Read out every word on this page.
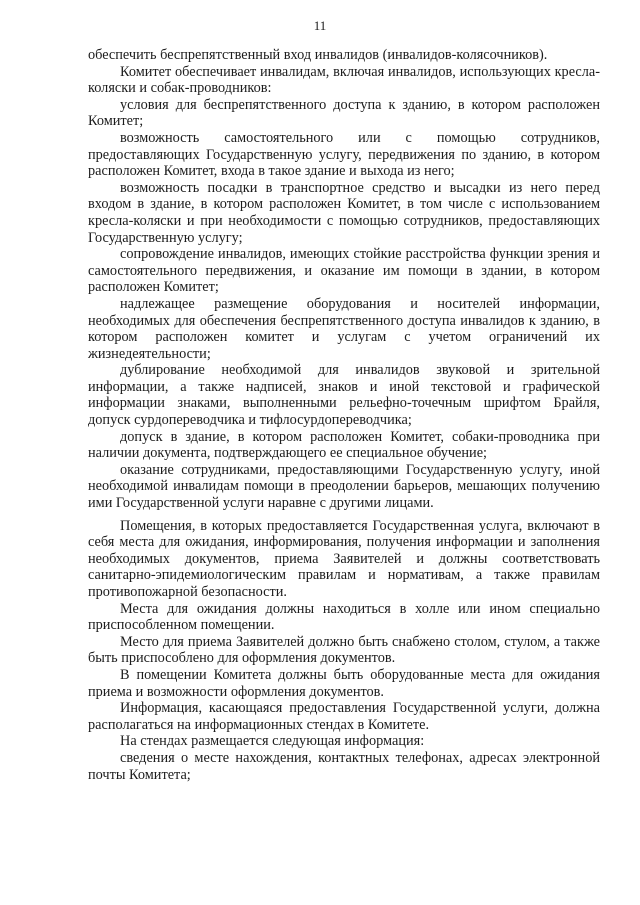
11

обеспечить беспрепятственный вход инвалидов (инвалидов-колясочников).

Комитет обеспечивает инвалидам, включая инвалидов, использующих кресла-коляски и собак-проводников:

условия для беспрепятственного доступа к зданию, в котором расположен Комитет;

возможность самостоятельного или с помощью сотрудников, предоставляющих Государственную услугу, передвижения по зданию, в котором расположен Комитет, входа в такое здание и выхода из него;

возможность посадки в транспортное средство и высадки из него перед входом в здание, в котором расположен Комитет, в том числе с использованием кресла-коляски и при необходимости с помощью сотрудников, предоставляющих Государственную услугу;

сопровождение инвалидов, имеющих стойкие расстройства функции зрения и самостоятельного передвижения, и оказание им помощи в здании, в котором расположен Комитет;

надлежащее размещение оборудования и носителей информации, необходимых для обеспечения беспрепятственного доступа инвалидов к зданию, в котором расположен комитет и услугам с учетом ограничений их жизнедеятельности;

дублирование необходимой для инвалидов звуковой и зрительной информации, а также надписей, знаков и иной текстовой и графической информации знаками, выполненными рельефно-точечным шрифтом Брайля, допуск сурдопереводчика и тифлосурдопереводчика;

допуск в здание, в котором расположен Комитет, собаки-проводника при наличии документа, подтверждающего ее специальное обучение;

оказание сотрудниками, предоставляющими Государственную услугу, иной необходимой инвалидам помощи в преодолении барьеров, мешающих получению ими Государственной услуги наравне с другими лицами.

Помещения, в которых предоставляется Государственная услуга, включают в себя места для ожидания, информирования, получения информации и заполнения необходимых документов, приема Заявителей и должны соответствовать санитарно-эпидемиологическим правилам и нормативам, а также правилам противопожарной безопасности.

Места для ожидания должны находиться в холле или ином специально приспособленном помещении.

Место для приема Заявителей должно быть снабжено столом, стулом, а также быть приспособлено для оформления документов.

В помещении Комитета должны быть оборудованные места для ожидания приема и возможности оформления документов.

Информация, касающаяся предоставления Государственной услуги, должна располагаться на информационных стендах в Комитете.

На стендах размещается следующая информация:

сведения о месте нахождения, контактных телефонах, адресах электронной почты Комитета;
